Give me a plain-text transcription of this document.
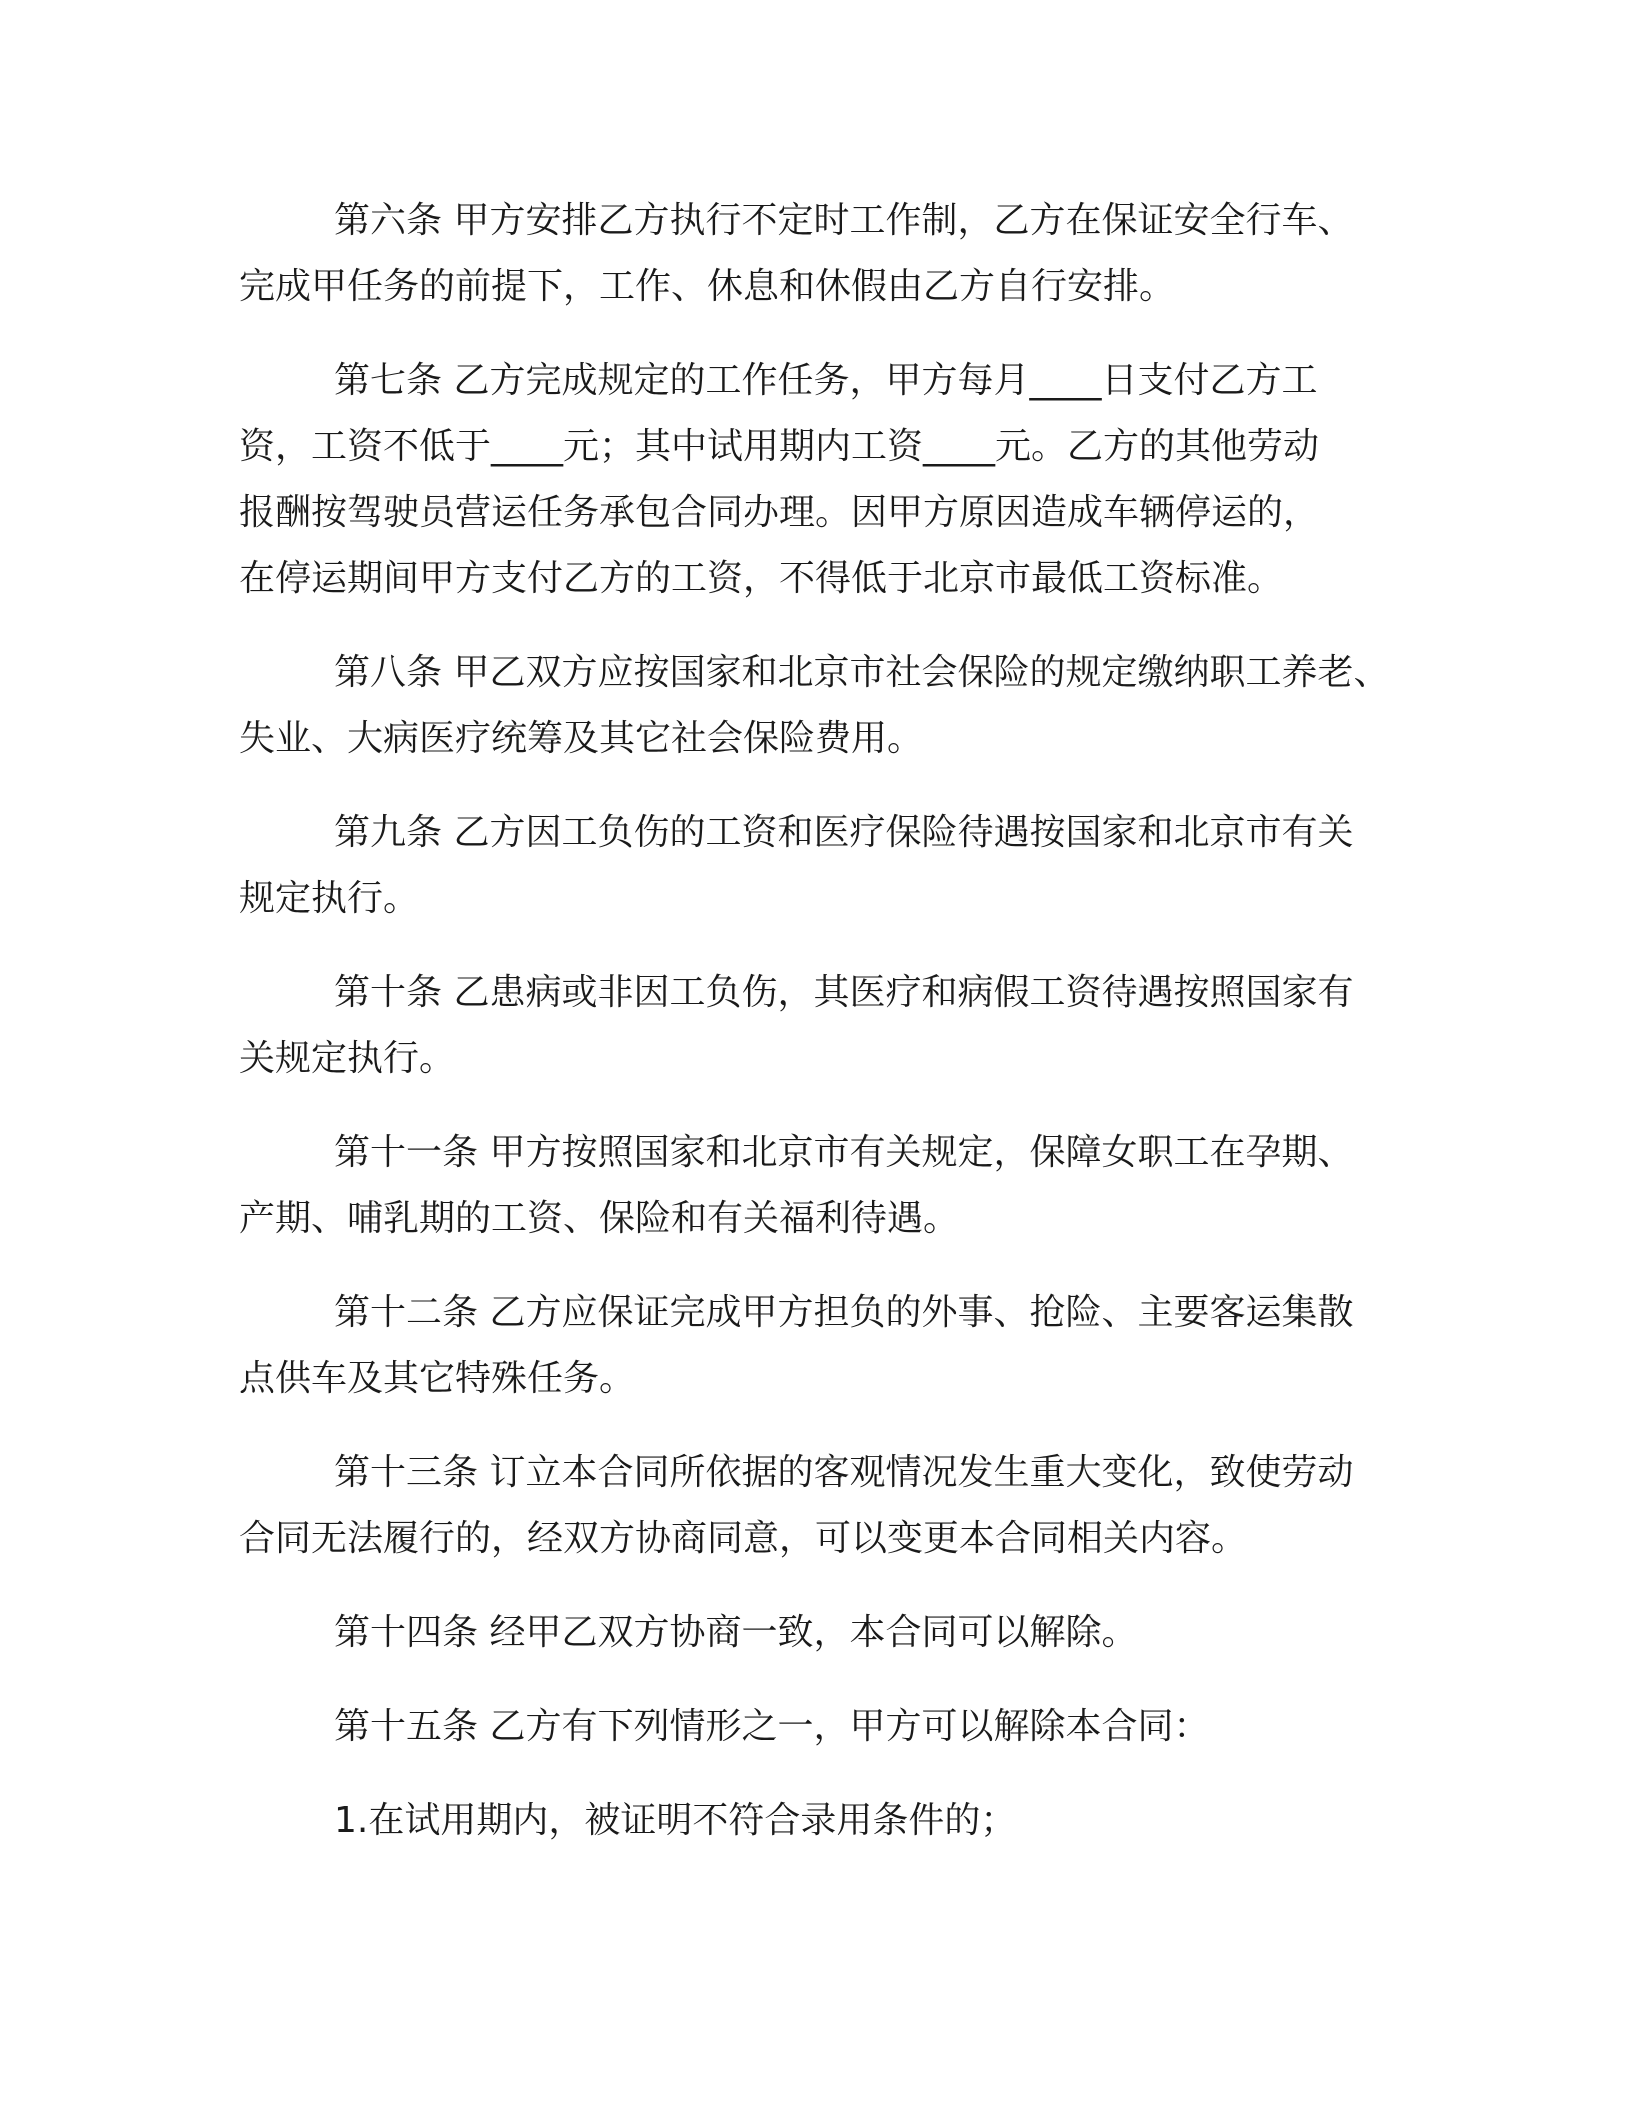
第六条 甲方安排乙方执行不定时工作制，乙方在保证安全行车、
完成甲任务的前提下，工作、休息和休假由乙方自行安排。

第七条 乙方完成规定的工作任务，甲方每月____日支付乙方工
资，工资不低于____元；其中试用期内工资____元。乙方的其他劳动
报酬按驾驶员营运任务承包合同办理。因甲方原因造成车辆停运的，
在停运期间甲方支付乙方的工资，不得低于北京市最低工资标准。

第八条 甲乙双方应按国家和北京市社会保险的规定缴纳职工养老、
失业、大病医疗统筹及其它社会保险费用。

第九条 乙方因工负伤的工资和医疗保险待遇按国家和北京市有关
规定执行。

第十条 乙患病或非因工负伤，其医疗和病假工资待遇按照国家有
关规定执行。

第十一条 甲方按照国家和北京市有关规定，保障女职工在孕期、
产期、哺乳期的工资、保险和有关福利待遇。

第十二条 乙方应保证完成甲方担负的外事、抢险、主要客运集散
点供车及其它特殊任务。

第十三条 订立本合同所依据的客观情况发生重大变化，致使劳动
合同无法履行的，经双方协商同意，可以变更本合同相关内容。

第十四条 经甲乙双方协商一致，本合同可以解除。

第十五条 乙方有下列情形之一，甲方可以解除本合同：

1.在试用期内，被证明不符合录用条件的；
